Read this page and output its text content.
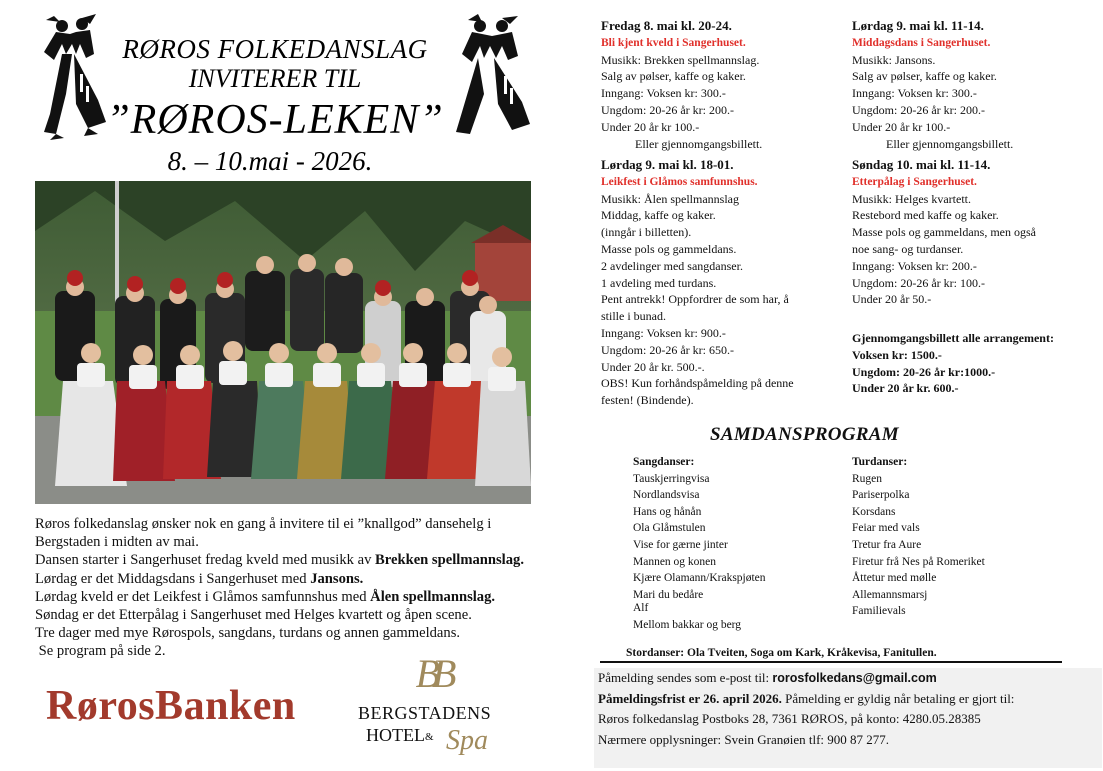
RØROS FOLKEDANSLAG
INVITERER TIL
”RØROS-LEKEN”
8. – 10.mai - 2026.

Røros folkedanslag ønsker nok en gang å invitere til ei ”knallgod” dansehelg i Bergstaden i midten av mai.

Dansen starter i Sangerhuset fredag kveld med musikk av Brekken spellmannslag.

Lørdag er det Middagsdans i Sangerhuset med Jansons.

Lørdag kveld er det Leikfest i Glåmos samfunnshus med Ålen spellmannslag.

Søndag er det Etterpålag i Sangerhuset med Helges kvartett og åpen scene.

Tre dager med mye Rørospols, sangdans, turdans og annen gammeldans.

Se program på side 2.

RørosBanken
BB
BERGSTADENS
HOTEL& Spa
Fredag 8. mai kl. 20-24.
Bli kjent kveld i Sangerhuset.
Musikk: Brekken spellmannslag.
Salg av pølser, kaffe og kaker.
Inngang: Voksen kr: 300.-
Ungdom: 20-26 år kr: 200.-
Under 20 år kr 100.-
Eller gjennomgangsbillett.
Lørdag 9. mai kl. 11-14.
Middagsdans i Sangerhuset.
Musikk: Jansons.
Salg av pølser, kaffe og kaker.
Inngang: Voksen kr: 300.-
Ungdom: 20-26 år kr: 200.-
Under 20 år kr 100.-
Eller gjennomgangsbillett.
Lørdag 9. mai kl. 18-01.
Leikfest i Glåmos samfunnshus.
Musikk: Ålen spellmannslag
Middag, kaffe og kaker.
(inngår i billetten).
Masse pols og gammeldans.
2 avdelinger med sangdanser.
1 avdeling med turdans.
Pent antrekk! Oppfordrer de som har, å
stille i bunad.
Inngang: Voksen kr: 900.-
Ungdom: 20-26 år kr: 650.-
Under 20 år kr. 500.-.
OBS! Kun forhåndspåmelding på denne
festen! (Bindende).
Søndag 10. mai kl. 11-14.
Etterpålag i Sangerhuset.
Musikk: Helges kvartett.
Restebord med kaffe og kaker.
Masse pols og gammeldans, men også
noe sang- og turdanser.
Inngang: Voksen kr: 200.-
Ungdom: 20-26 år kr: 100.-
Under 20 år 50.-
Gjennomgangsbillett alle arrangement:
Voksen kr: 1500.-
Ungdom: 20-26 år kr:1000.-
Under 20 år kr. 600.-
SAMDANSPROGRAM
Sangdanser:
Tauskjerringvisa
Nordlandsvisa
Hans og hånån
Ola Glåmstulen
Vise for gærne jinter
Mannen og konen
Kjære Olamann/Krakspjøten
Mari du bedåre
Alf
Mellom bakkar og berg
Turdanser:
Rugen
Pariserpolka
Korsdans
Feiar med vals
Tretur fra Aure
Firetur frå Nes på Romeriket
Åttetur med mølle
Allemannsmarsj
Familievals
Stordanser: Ola Tveiten, Soga om Kark, Kråkevisa, Fanitullen.
Påmelding sendes som e-post til: rorosfolkedans@gmail.com
Påmeldingsfrist er 26. april 2026. Påmelding er gyldig når betaling er gjort til:
Røros folkedanslag Postboks 28, 7361 RØROS, på konto: 4280.05.28385
Nærmere opplysninger: Svein Granøien tlf: 900 87 277.
